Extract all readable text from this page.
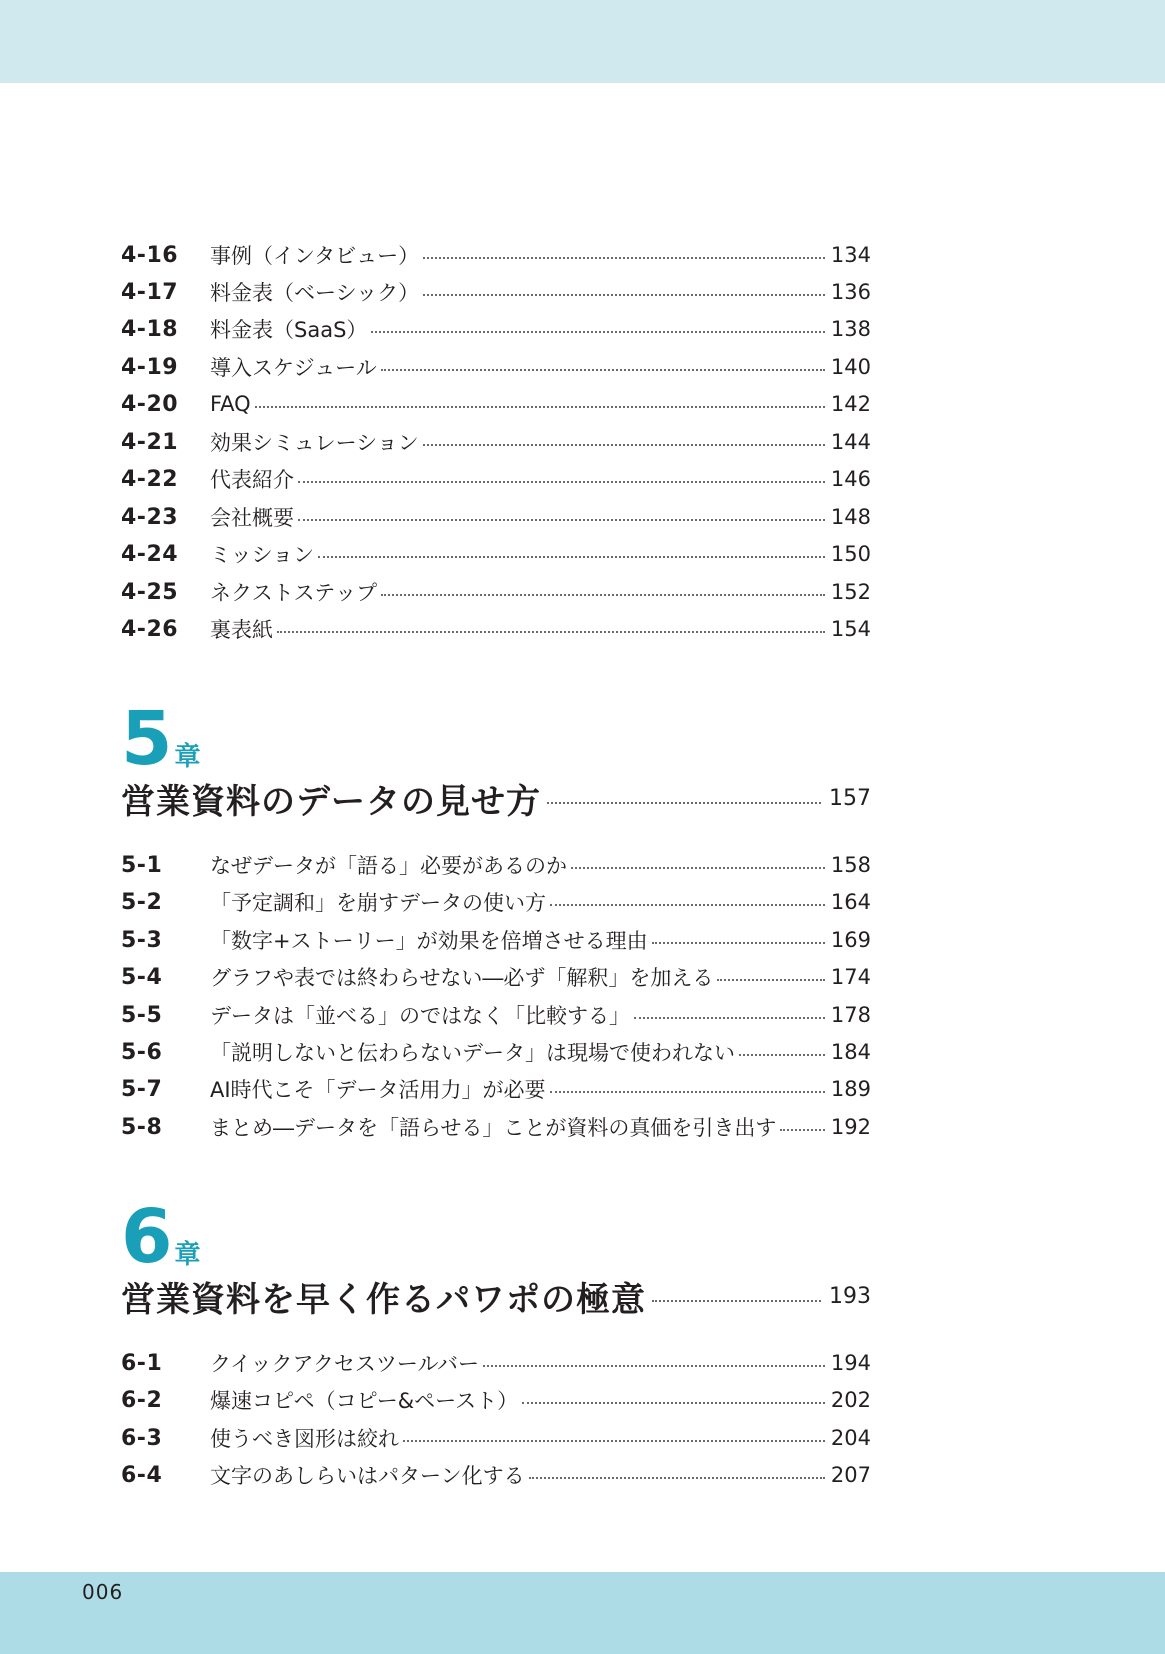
4-16	事例（インタビュー）	134
4-17	料金表（ベーシック）	136
4-18	料金表（SaaS）	138
4-19	導入スケジュール	140
4-20	FAQ	142
4-21	効果シミュレーション	144
4-22	代表紹介	146
4-23	会社概要	148
4-24	ミッション	150
4-25	ネクストステップ	152
4-26	裏表紙	154
5 章
営業資料のデータの見せ方	157
5-1	なぜデータが「語る」必要があるのか	158
5-2	「予定調和」を崩すデータの使い方	164
5-3	「数字+ストーリー」が効果を倍増させる理由	169
5-4	グラフや表では終わらせない―必ず「解釈」を加える	174
5-5	データは「並べる」のではなく「比較する」	178
5-6	「説明しないと伝わらないデータ」は現場で使われない	184
5-7	AI時代こそ「データ活用力」が必要	189
5-8	まとめ―データを「語らせる」ことが資料の真価を引き出す	192
6 章
営業資料を早く作るパワポの極意	193
6-1	クイックアクセスツールバー	194
6-2	爆速コピペ（コピー&ペースト）	202
6-3	使うべき図形は絞れ	204
6-4	文字のあしらいはパターン化する	207
006
